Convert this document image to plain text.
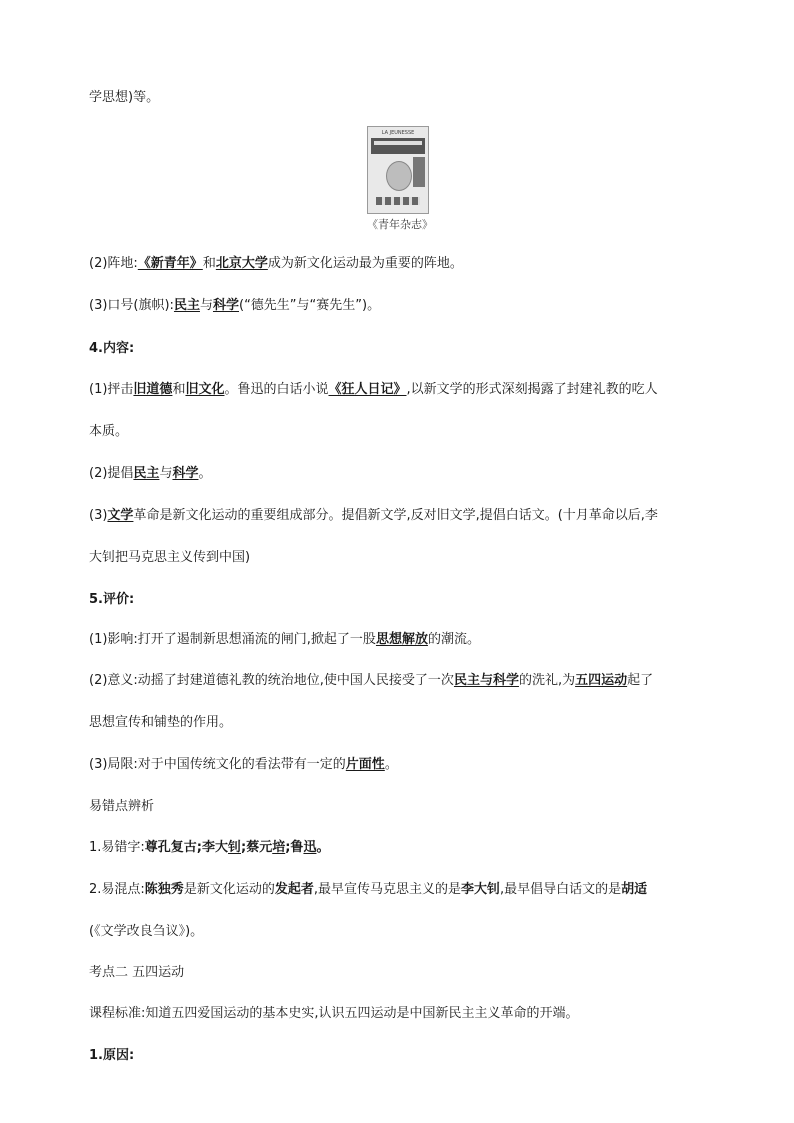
学思想)等。
LA JEUNESSE
《青年杂志》
(2)阵地:《新青年》和北京大学成为新文化运动最为重要的阵地。
(3)口号(旗帜):民主与科学(“德先生”与“赛先生”)。
4.内容:
(1)抨击旧道德和旧文化。鲁迅的白话小说《狂人日记》,以新文学的形式深刻揭露了封建礼教的吃人
本质。
(2)提倡民主与科学。
(3)文学革命是新文化运动的重要组成部分。提倡新文学,反对旧文学,提倡白话文。(十月革命以后,李
大钊把马克思主义传到中国)
5.评价:
(1)影响:打开了遏制新思想涌流的闸门,掀起了一股思想解放的潮流。
(2)意义:动摇了封建道德礼教的统治地位,使中国人民接受了一次民主与科学的洗礼,为五四运动起了
思想宣传和铺垫的作用。
(3)局限:对于中国传统文化的看法带有一定的片面性。
易错点辨析
1.易错字:尊孔复古;李大钊;蔡元培;鲁迅。
2.易混点:陈独秀是新文化运动的发起者,最早宣传马克思主义的是李大钊,最早倡导白话文的是胡适
(《文学改良刍议》)。
考点二 五四运动
课程标准:知道五四爱国运动的基本史实,认识五四运动是中国新民主主义革命的开端。
1.原因:
